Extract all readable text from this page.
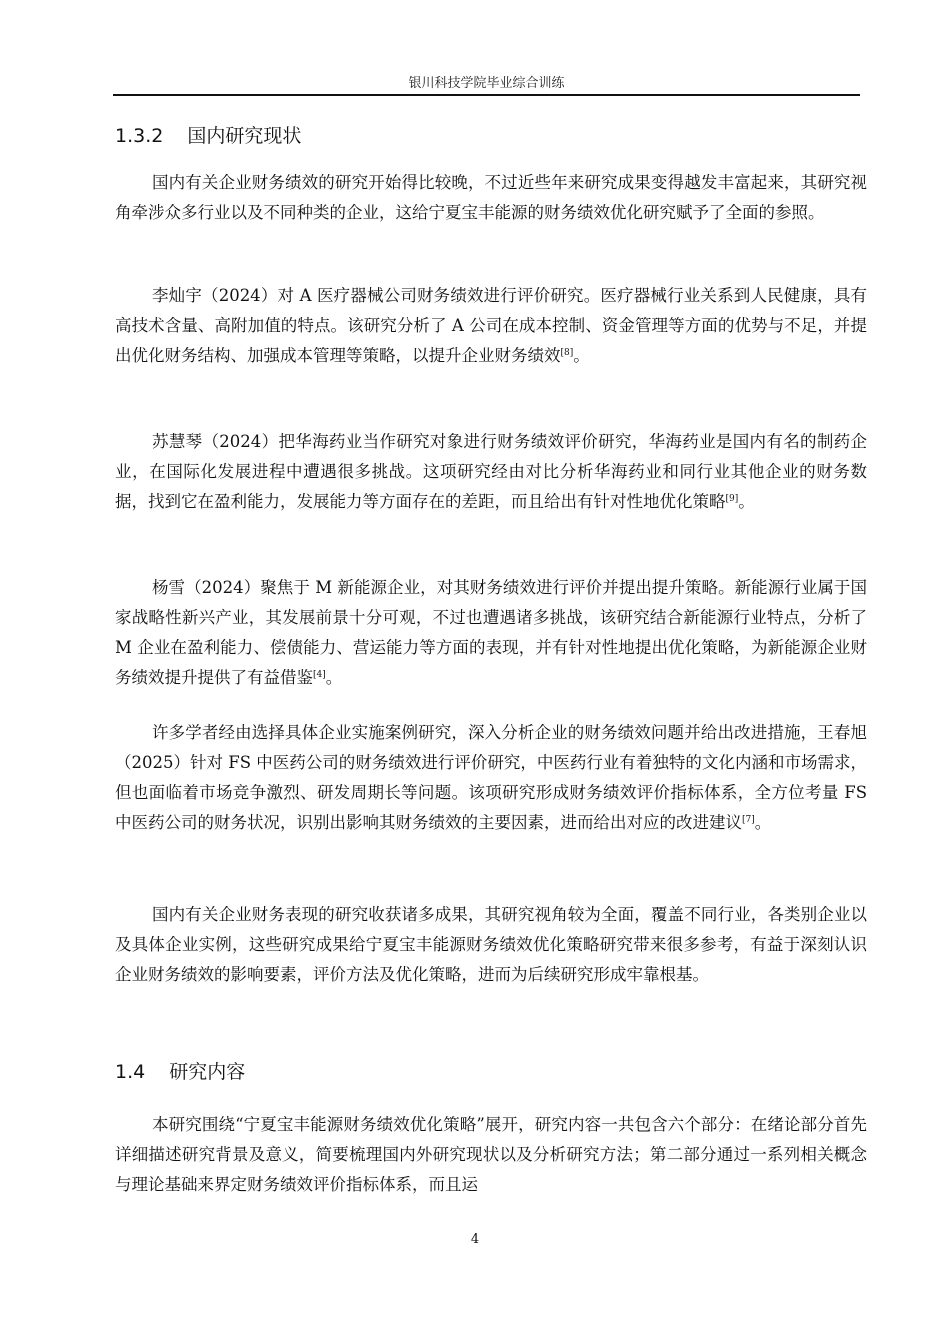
银川科技学院毕业综合训练
1.3.2 国内研究现状

国内有关企业财务绩效的研究开始得比较晚，不过近些年来研究成果变得越发丰富起来，其研究视角牵涉众多行业以及不同种类的企业，这给宁夏宝丰能源的财务绩效优化研究赋予了全面的参照。

李灿宇（2024）对 A 医疗器械公司财务绩效进行评价研究。医疗器械行业关系到人民健康，具有高技术含量、高附加值的特点。该研究分析了 A 公司在成本控制、资金管理等方面的优势与不足，并提出优化财务结构、加强成本管理等策略，以提升企业财务绩效[8]。

苏慧琴（2024）把华海药业当作研究对象进行财务绩效评价研究，华海药业是国内有名的制药企业，在国际化发展进程中遭遇很多挑战。这项研究经由对比分析华海药业和同行业其他企业的财务数据，找到它在盈利能力，发展能力等方面存在的差距，而且给出有针对性地优化策略[9]。

杨雪（2024）聚焦于 M 新能源企业，对其财务绩效进行评价并提出提升策略。新能源行业属于国家战略性新兴产业，其发展前景十分可观，不过也遭遇诸多挑战，该研究结合新能源行业特点，分析了 M 企业在盈利能力、偿债能力、营运能力等方面的表现，并有针对性地提出优化策略，为新能源企业财务绩效提升提供了有益借鉴[4]。

许多学者经由选择具体企业实施案例研究，深入分析企业的财务绩效问题并给出改进措施，王春旭（2025）针对 FS 中医药公司的财务绩效进行评价研究，中医药行业有着独特的文化内涵和市场需求，但也面临着市场竞争激烈、研发周期长等问题。该项研究形成财务绩效评价指标体系，全方位考量 FS 中医药公司的财务状况，识别出影响其财务绩效的主要因素，进而给出对应的改进建议[7]。

国内有关企业财务表现的研究收获诸多成果，其研究视角较为全面，覆盖不同行业，各类别企业以及具体企业实例，这些研究成果给宁夏宝丰能源财务绩效优化策略研究带来很多参考，有益于深刻认识企业财务绩效的影响要素，评价方法及优化策略，进而为后续研究形成牢靠根基。

1.4 研究内容

本研究围绕“宁夏宝丰能源财务绩效优化策略”展开，研究内容一共包含六个部分：在绪论部分首先详细描述研究背景及意义，简要梳理国内外研究现状以及分析研究方法；第二部分通过一系列相关概念与理论基础来界定财务绩效评价指标体系，而且运

4
